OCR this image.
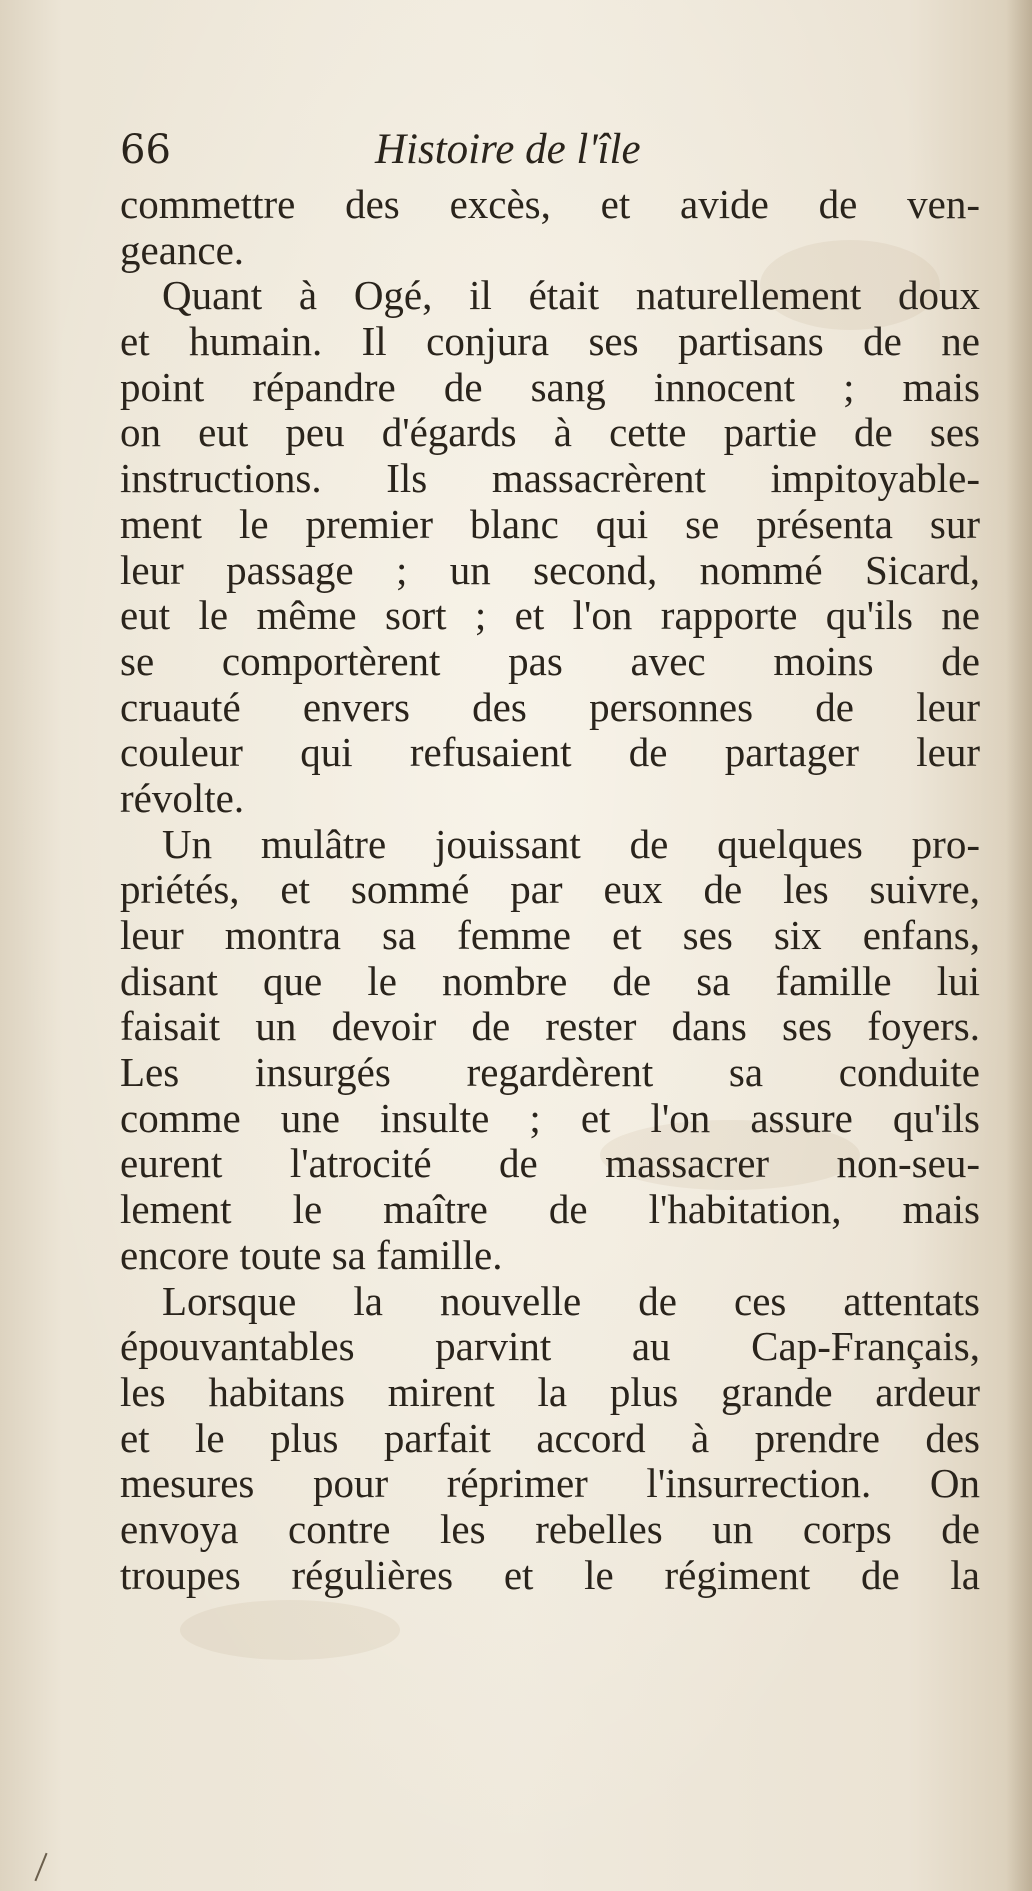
66	Histoire de l'île
commettre des excès, et avide de ven-
geance.
Quant à Ogé, il était naturellement doux
et humain. Il conjura ses partisans de ne
point répandre de sang innocent ; mais
on eut peu d'égards à cette partie de ses
instructions. Ils massacrèrent impitoyable-
ment le premier blanc qui se présenta sur
leur passage ; un second, nommé Sicard,
eut le même sort ; et l'on rapporte qu'ils ne
se comportèrent pas avec moins de
cruauté envers des personnes de leur
couleur qui refusaient de partager leur
révolte.
Un mulâtre jouissant de quelques pro-
priétés, et sommé par eux de les suivre,
leur montra sa femme et ses six enfans,
disant que le nombre de sa famille lui
faisait un devoir de rester dans ses foyers.
Les insurgés regardèrent sa conduite
comme une insulte ; et l'on assure qu'ils
eurent l'atrocité de massacrer non-seu-
lement le maître de l'habitation, mais
encore toute sa famille.
Lorsque la nouvelle de ces attentats
épouvantables parvint au Cap-Français,
les habitans mirent la plus grande ardeur
et le plus parfait accord à prendre des
mesures pour réprimer l'insurrection. On
envoya contre les rebelles un corps de
troupes régulières et le régiment de la
